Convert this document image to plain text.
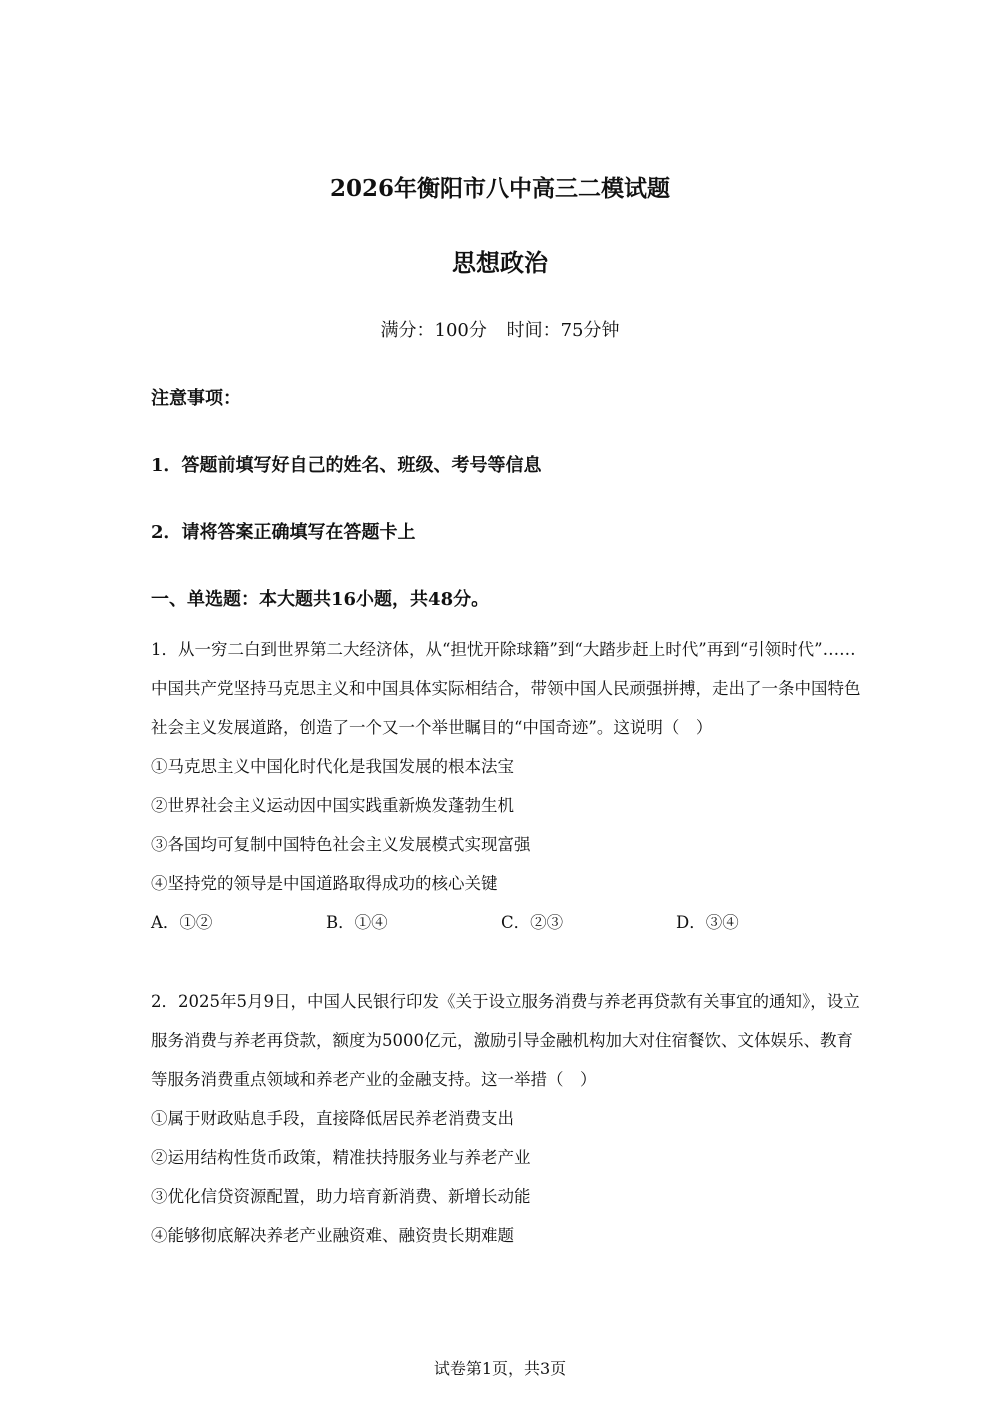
2026年衡阳市八中高三二模试题
思想政治
满分：100分 时间：75分钟
注意事项：
1．答题前填写好自己的姓名、班级、考号等信息
2．请将答案正确填写在答题卡上
一、单选题：本大题共16小题，共48分。

1．从一穷二白到世界第二大经济体，从“担忧开除球籍”到“大踏步赶上时代”再到“引领时代”……中国共产党坚持马克思主义和中国具体实际相结合，带领中国人民顽强拼搏，走出了一条中国特色社会主义发展道路，创造了一个又一个举世瞩目的“中国奇迹”。这说明（　）

①马克思主义中国化时代化是我国发展的根本法宝

②世界社会主义运动因中国实践重新焕发蓬勃生机

③各国均可复制中国特色社会主义发展模式实现富强

④坚持党的领导是中国道路取得成功的核心关键

A．①②	B．①④	C．②③	D．③④

2．2025年5月9日，中国人民银行印发《关于设立服务消费与养老再贷款有关事宜的通知》，设立服务消费与养老再贷款，额度为5000亿元，激励引导金融机构加大对住宿餐饮、文体娱乐、教育等服务消费重点领域和养老产业的金融支持。这一举措（　）

①属于财政贴息手段，直接降低居民养老消费支出

②运用结构性货币政策，精准扶持服务业与养老产业

③优化信贷资源配置，助力培育新消费、新增长动能

④能够彻底解决养老产业融资难、融资贵长期难题

试卷第1页，共3页
